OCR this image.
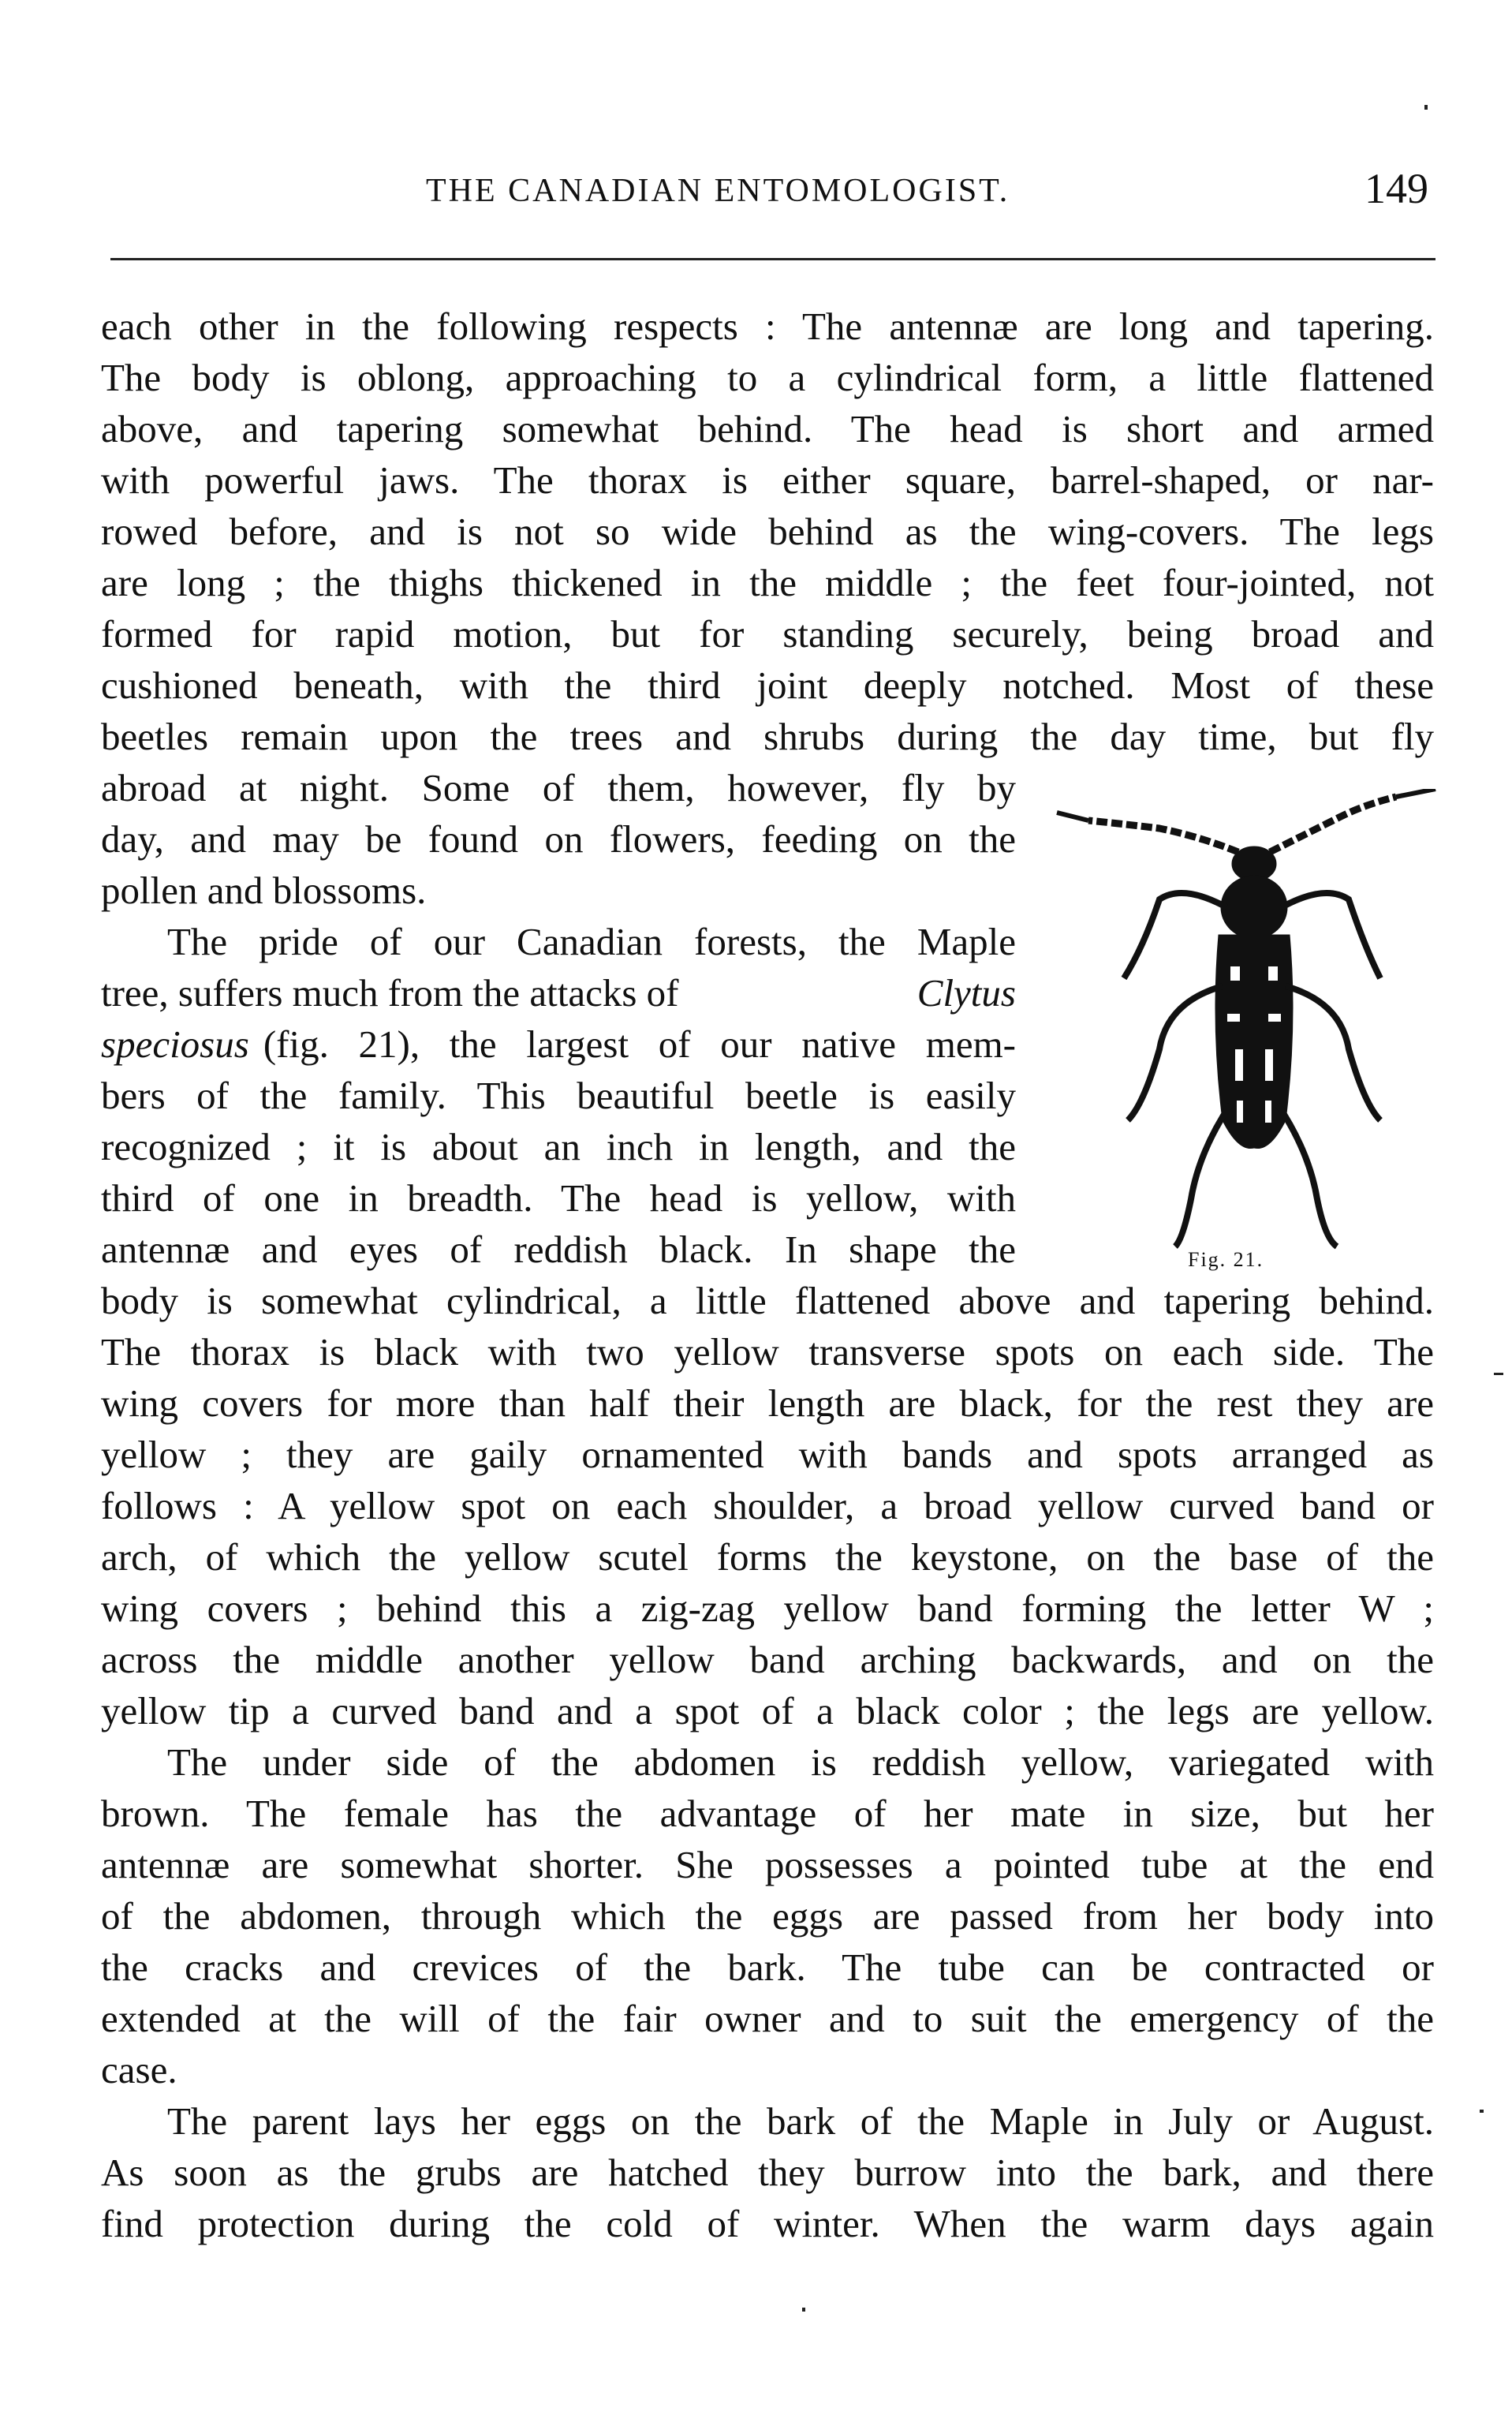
THE CANADIAN ENTOMOLOGIST.	149
each other in the following respects : The antennæ are long and tapering.
The body is oblong, approaching to a cylindrical form, a little flattened
above, and tapering somewhat behind. The head is short and armed
with powerful jaws. The thorax is either square, barrel-shaped, or nar-
rowed before, and is not so wide behind as the wing-covers. The legs
are long ; the thighs thickened in the middle ; the feet four-jointed, not
formed for rapid motion, but for standing securely, being broad and
cushioned beneath, with the third joint deeply notched. Most of these
beetles remain upon the trees and shrubs during the day time, but fly
abroad at night. Some of them, however, fly by
day, and may be found on flowers, feeding on the
pollen and blossoms.
The pride of our Canadian forests, the Maple
tree, suffers much from the attacks of	Clytus
speciosus (fig. 21), the largest of our native mem-
bers of the family. This beautiful beetle is easily
recognized ; it is about an inch in length, and the
third of one in breadth. The head is yellow, with
antennæ and eyes of reddish black. In shape the
body is somewhat cylindrical, a little flattened above and tapering behind.
The thorax is black with two yellow transverse spots on each side. The
wing covers for more than half their length are black, for the rest they are
yellow ; they are gaily ornamented with bands and spots arranged as
follows : A yellow spot on each shoulder, a broad yellow curved band or
arch, of which the yellow scutel forms the keystone, on the base of the
wing covers ; behind this a zig-zag yellow band forming the letter W ;
across the middle another yellow band arching backwards, and on the
yellow tip a curved band and a spot of a black color ; the legs are yellow.
The under side of the abdomen is reddish yellow, variegated with
brown. The female has the advantage of her mate in size, but her
antennæ are somewhat shorter. She possesses a pointed tube at the end
of the abdomen, through which the eggs are passed from her body into
the cracks and crevices of the bark. The tube can be contracted or
extended at the will of the fair owner and to suit the emergency of the
case.
The parent lays her eggs on the bark of the Maple in July or August.
As soon as the grubs are hatched they burrow into the bark, and there
find protection during the cold of winter. When the warm days again
Fig. 21.
